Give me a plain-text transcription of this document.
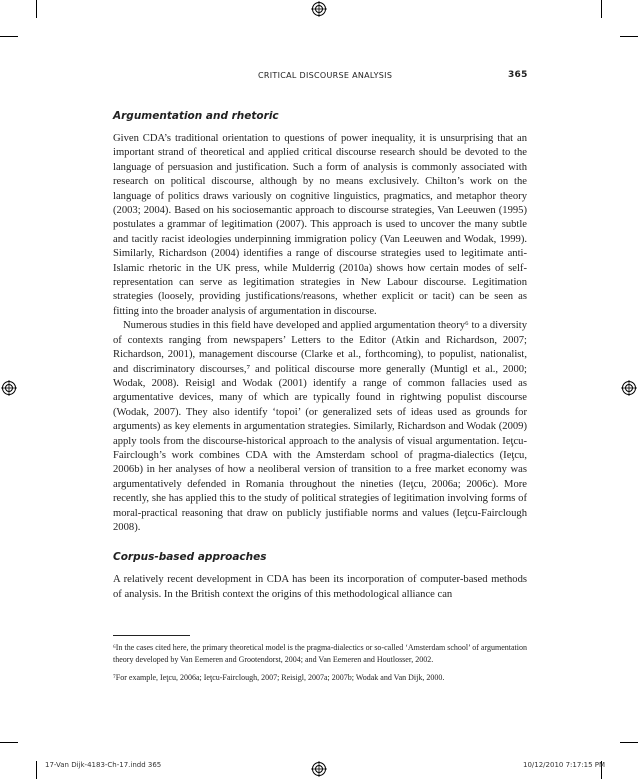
CRITICAL DISCOURSE ANALYSIS	365
Argumentation and rhetoric

Given CDA’s traditional orientation to questions of power inequality, it is unsurprising that an important strand of theoretical and applied critical discourse research should be devoted to the language of persuasion and justification. Such a form of analysis is commonly associated with research on political discourse, although by no means exclusively. Chilton’s work on the language of politics draws variously on cognitive linguistics, pragmatics, and metaphor theory (2003; 2004). Based on his sociosemantic approach to discourse strategies, Van Leeuwen (1995) postulates a grammar of legitimation (2007). This approach is used to uncover the many subtle and tacitly racist ideologies underpinning immigration policy (Van Leeuwen and Wodak, 1999). Similarly, Richardson (2004) identifies a range of discourse strategies used to legitimate anti-Islamic rhetoric in the UK press, while Mulderrig (2010a) shows how certain modes of self-representation can serve as legitimation strategies in New Labour discourse. Legitimation strategies (loosely, providing justifications/reasons, whether explicit or tacit) can be seen as fitting into the broader analysis of argumentation in discourse.

Numerous studies in this field have developed and applied argumentation theory⁶ to a diversity of contexts ranging from newspapers’ Letters to the Editor (Atkin and Richardson, 2007; Richardson, 2001), management discourse (Clarke et al., forthcoming), to populist, nationalist, and discriminatory discourses,⁷ and political discourse more generally (Muntigl et al., 2000; Wodak, 2008). Reisigl and Wodak (2001) identify a range of common fallacies used as argumentative devices, many of which are typically found in rightwing populist discourse (Wodak, 2007). They also identify ‘topoi’ (or generalized sets of ideas used as grounds for arguments) as key elements in argumentation strategies. Similarly, Richardson and Wodak (2009) apply tools from the discourse-historical approach to the analysis of visual argumentation. Ieţcu-Fairclough’s work combines CDA with the Amsterdam school of pragma-dialectics (Ieţcu, 2006b) in her analyses of how a neoliberal version of transition to a free market economy was argumentatively defended in Romania throughout the nineties (Ieţcu, 2006a; 2006c). More recently, she has applied this to the study of political strategies of legitimation involving forms of moral-practical reasoning that draw on publicly justifiable norms and values (Ieţcu-Fairclough 2008).

Corpus-based approaches

A relatively recent development in CDA has been its incorporation of computer-based methods of analysis. In the British context the origins of this methodological alliance can

⁶In the cases cited here, the primary theoretical model is the pragma-dialectics or so-called ‘Amsterdam school’ of argumentation theory developed by Van Eemeren and Grootendorst, 2004; and Van Eemeren and Houtlosser, 2002.

⁷For example, Ieţcu, 2006a; Ieţcu-Fairclough, 2007; Reisigl, 2007a; 2007b; Wodak and Van Dijk, 2000.

17-Van Dijk-4183-Ch-17.indd 365	10/12/2010 7:17:15 PM
